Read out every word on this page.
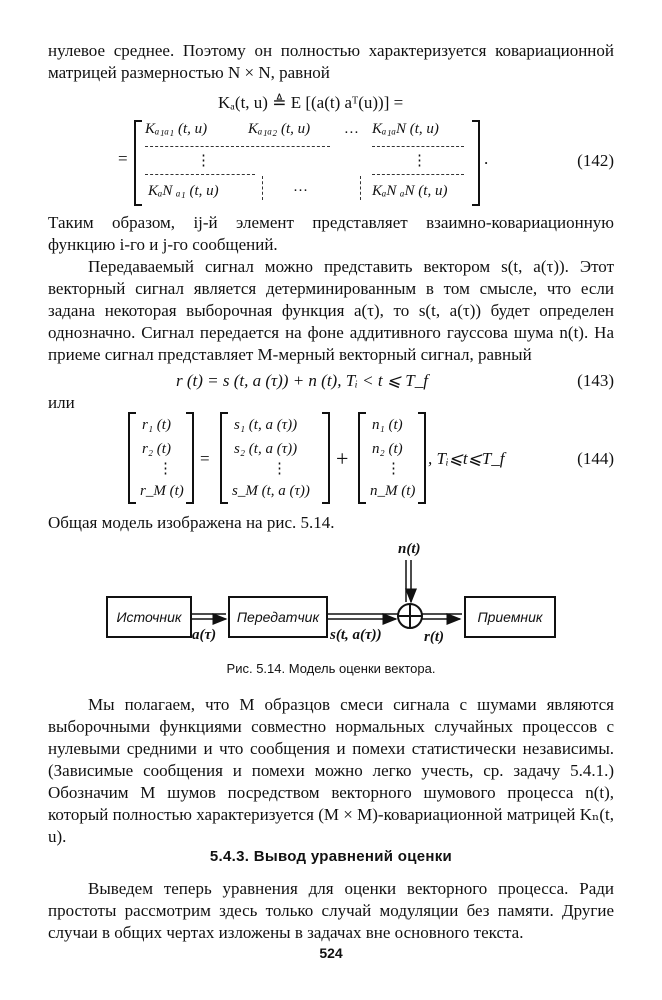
нулевое среднее. Поэтому он полностью характеризуется ковариационной матрицей размерностью N × N, равной
Kₐ(t, u) ≜ E [(a(t) aᵀ(u))] =
=
Kₐ₁ₐ₁ (t, u)	Kₐ₁ₐ₂ (t, u) … Kₐ₁ₐN (t, u)
⋮	⋮
KₐN ₐ₁ (t, u)	···	KₐN ₐN (t, u)
.	(142)
Таким образом, ij-й элемент представляет взаимно-ковариационную функцию i-го и j-го сообщений.
Передаваемый сигнал можно представить вектором s(t, a(τ)). Этот векторный сигнал является детерминированным в том смысле, что если задана некоторая выборочная функция a(τ), то s(t, a(τ)) будет определен однозначно. Сигнал передается на фоне аддитивного гауссова шума n(t). На приеме сигнал представляет M-мерный векторный сигнал, равный
r (t) = s (t, a (τ)) + n (t), Tᵢ < t ⩽ T_f	(143)
или
r₁ (t)
r₂ (t)
⋮
r_M (t)
=
s₁ (t, a (τ))
s₂ (t, a (τ))
⋮
s_M (t, a (τ))
+
n₁ (t)
n₂ (t)
⋮
n_M (t)
, Tᵢ⩽t⩽T_f	(144)
Общая модель изображена на рис. 5.14.
Источник	Передатчик	Приемник
a(τ)	s(t, a(τ))	r(t)
n(t)
Рис. 5.14. Модель оценки вектора.
Мы полагаем, что M образцов смеси сигнала с шумами являются выборочными функциями совместно нормальных случайных процессов с нулевыми средними и что сообщения и помехи статистически независимы. (Зависимые сообщения и помехи можно легко учесть, ср. задачу 5.4.1.) Обозначим M шумов посредством векторного шумового процесса n(t), который полностью характеризуется (M × M)-ковариационной матрицей Kₙ(t, u).
5.4.3. Вывод уравнений оценки
Выведем теперь уравнения для оценки векторного процесса. Ради простоты рассмотрим здесь только случай модуляции без памяти. Другие случаи в общих чертах изложены в задачах вне основного текста.
524
